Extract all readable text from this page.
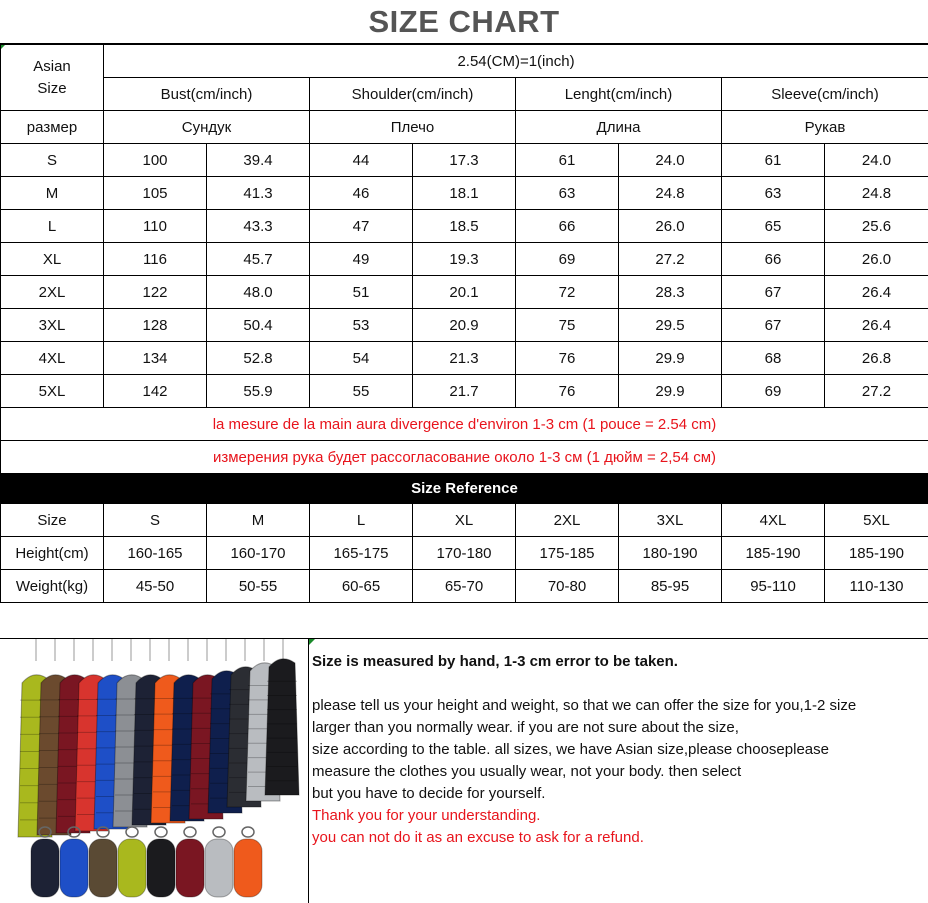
SIZE CHART
Asian Size	2.54(CM)=1(inch)							
	Bust(cm/inch)		Shoulder(cm/inch)		Lenght(cm/inch)		Sleeve(cm/inch)	
размер	Сундук		Плечо		Длина		Рукав	
S	100	39.4	44	17.3	61	24.0	61	24.0
M	105	41.3	46	18.1	63	24.8	63	24.8
L	110	43.3	47	18.5	66	26.0	65	25.6
XL	116	45.7	49	19.3	69	27.2	66	26.0
2XL	122	48.0	51	20.1	72	28.3	67	26.4
3XL	128	50.4	53	20.9	75	29.5	67	26.4
4XL	134	52.8	54	21.3	76	29.9	68	26.8
5XL	142	55.9	55	21.7	76	29.9	69	27.2
la mesure de la main aura divergence d'environ 1-3 cm (1 pouce = 2.54 cm)								
измерения рука будет рассогласование около 1-3 см (1 дюйм = 2,54 см)								
Size Reference								
Size	S	M	L	XL	2XL	3XL	4XL	5XL
Height(cm)	160-165	160-170	165-175	170-180	175-185	180-190	185-190	185-190
Weight(kg)	45-50	50-55	60-65	65-70	70-80	85-95	95-110	110-130

Size is measured by hand, 1-3 cm error to be taken.

please tell us your height and weight, so that we can offer the size for you,1-2 size

larger than you normally wear. if you are not sure about the size,

size according to the table. all sizes, we have Asian size,please chooseplease

measure the clothes you usually wear, not your body. then select

but you have to decide for yourself.

Thank you for your understanding.

you can not do it as an excuse to ask for a refund.
